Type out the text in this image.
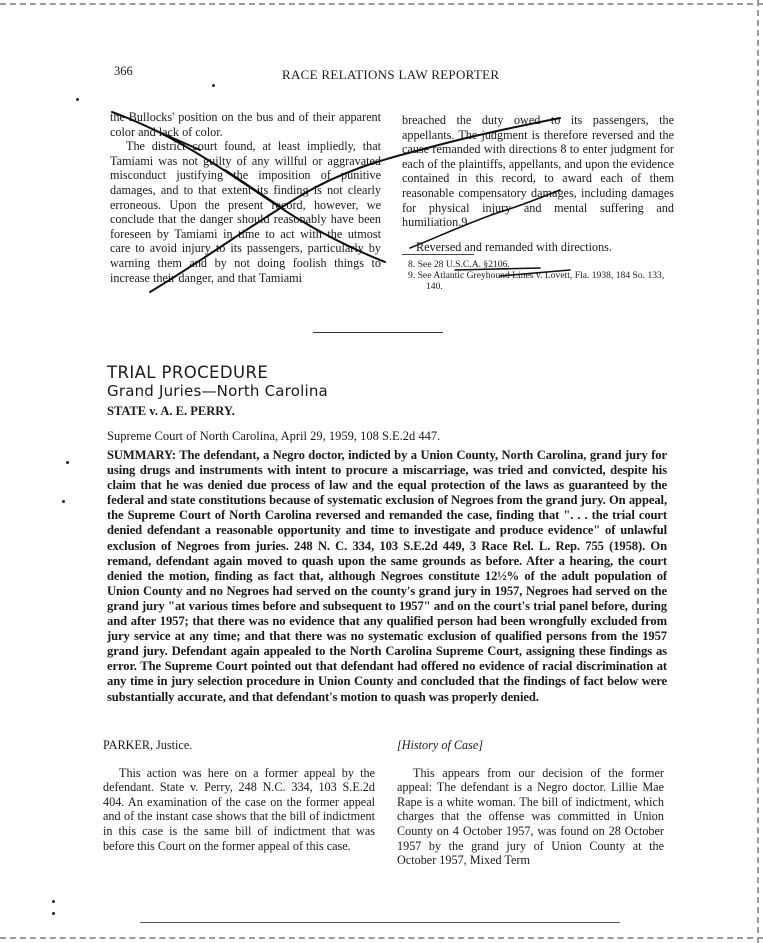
366	RACE RELATIONS LAW REPORTER

the Bullocks' position on the bus and of their apparent color and lack of color.

The district court found, at least impliedly, that Tamiami was not guilty of any willful or aggravated misconduct justifying the imposition of punitive damages, and to that extent its finding is not clearly erroneous. Upon the present record, however, we conclude that the danger should reasonably have been foreseen by Tamiami in time to act with the utmost care to avoid injury to its passengers, particularly by warning them and by not doing foolish things to increase their danger, and that Tamiami

breached the duty owed to its passengers, the appellants. The judgment is therefore reversed and the cause remanded with directions 8 to enter judgment for each of the plaintiffs, appellants, and upon the evidence contained in this record, to award each of them reasonable compensatory damages, including damages for physical injury and mental suffering and humiliation.9

Reversed and remanded with directions.

8. See 28 U.S.C.A. §2106.
9. See Atlantic Greyhound Lines v. Lovett, Fla. 1938, 184 So. 133, 140.
TRIAL PROCEDURE
Grand Juries—North Carolina

STATE v. A. E. PERRY.

Supreme Court of North Carolina, April 29, 1959, 108 S.E.2d 447.

SUMMARY: The defendant, a Negro doctor, indicted by a Union County, North Carolina, grand jury for using drugs and instruments with intent to procure a miscarriage, was tried and convicted, despite his claim that he was denied due process of law and the equal protection of the laws as guaranteed by the federal and state constitutions because of systematic exclusion of Negroes from the grand jury. On appeal, the Supreme Court of North Carolina reversed and remanded the case, finding that ". . . the trial court denied defendant a reasonable opportunity and time to investigate and produce evidence" of unlawful exclusion of Negroes from juries. 248 N. C. 334, 103 S.E.2d 449, 3 Race Rel. L. Rep. 755 (1958). On remand, defendant again moved to quash upon the same grounds as before. After a hearing, the court denied the motion, finding as fact that, although Negroes constitute 12½% of the adult population of Union County and no Negroes had served on the county's grand jury in 1957, Negroes had served on the grand jury "at various times before and subsequent to 1957" and on the court's trial panel before, during and after 1957; that there was no evidence that any qualified person had been wrongfully excluded from jury service at any time; and that there was no systematic exclusion of qualified persons from the 1957 grand jury. Defendant again appealed to the North Carolina Supreme Court, assigning these findings as error. The Supreme Court pointed out that defendant had offered no evidence of racial discrimination at any time in jury selection procedure in Union County and concluded that the findings of fact below were substantially accurate, and that defendant's motion to quash was properly denied.

PARKER, Justice.

This action was here on a former appeal by the defendant. State v. Perry, 248 N.C. 334, 103 S.E.2d 404. An examination of the case on the former appeal and of the instant case shows that the bill of indictment in this case is the same bill of indictment that was before this Court on the former appeal of this case.

[History of Case]

This appears from our decision of the former appeal: The defendant is a Negro doctor. Lillie Mae Rape is a white woman. The bill of indictment, which charges that the offense was committed in Union County on 4 October 1957, was found on 28 October 1957 by the grand jury of Union County at the October 1957, Mixed Term
